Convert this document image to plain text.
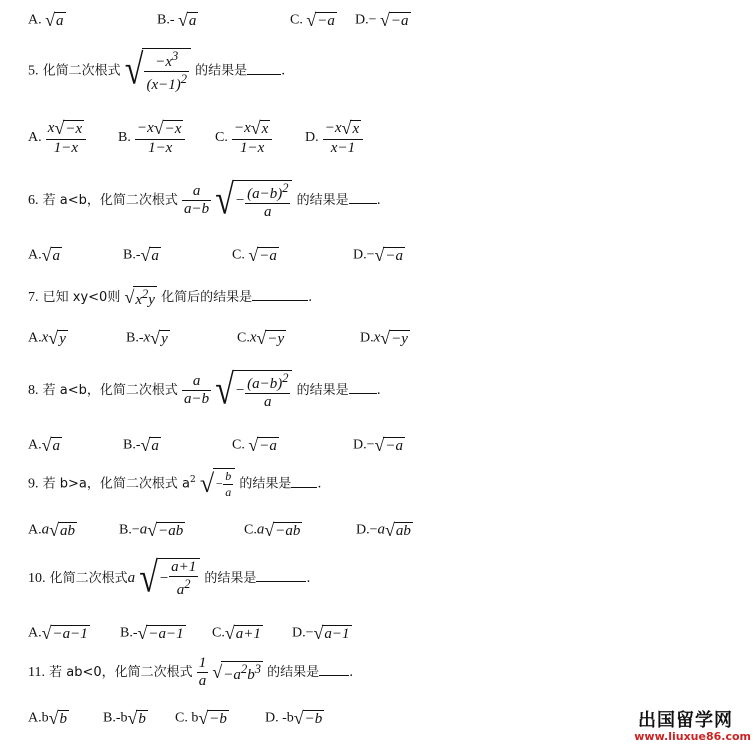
A. √a	B.- √a	C. √−a D.− √−a
5. 化简二次根式 √ $\frac{-x^3}{(x-1)^2}$ 的结果是	.
A. $\frac{x√-x}{1-x} B$. $\frac{-x√-x}{1-x} C$. $\frac{-x√x}{1-x} D$. $\frac{-x√x}{x-1}$
6. 若 a<b，化简二次根式 $\frac{a}{a-b}$ √− $\frac{(a-b)^2}{a}$ 的结果是 .
A.√a	B.-√a	C. √−a	D.−√−a
7. 已知 xy<0则 $√x^2y$ 化简后的结果是	.
A.x√y	B.-x√y	C.x√−y	D.x√−y
8. 若 a<b，化简二次根式 $\frac{a}{a-b}$ √− $\frac{(a-b)^2}{a}$ 的结果是 .
A.√a	B.-√a	C. √−a	D.−√−a
9. 若 b>a，化简二次根式 $a^2$ √− $\frac{b}{a}$ 的结果是 .
A.a√ab	B.−a√−ab	C.a√−ab	D.−a√ab
10. 化简二次根式a √− $\frac{a+1}{a^2}$ 的结果是	.
A.√−a−1 B.-√−a−1 C.√a+1 D.−√a−1
11. 若 ab<0，化简二次根式 $\frac{1}{a} √-a^2b^3$ 的结果是 .
A.b√b	B.-b√b C. b√−b	D. -b√−b	出国留学网
www.liuxue86.com
